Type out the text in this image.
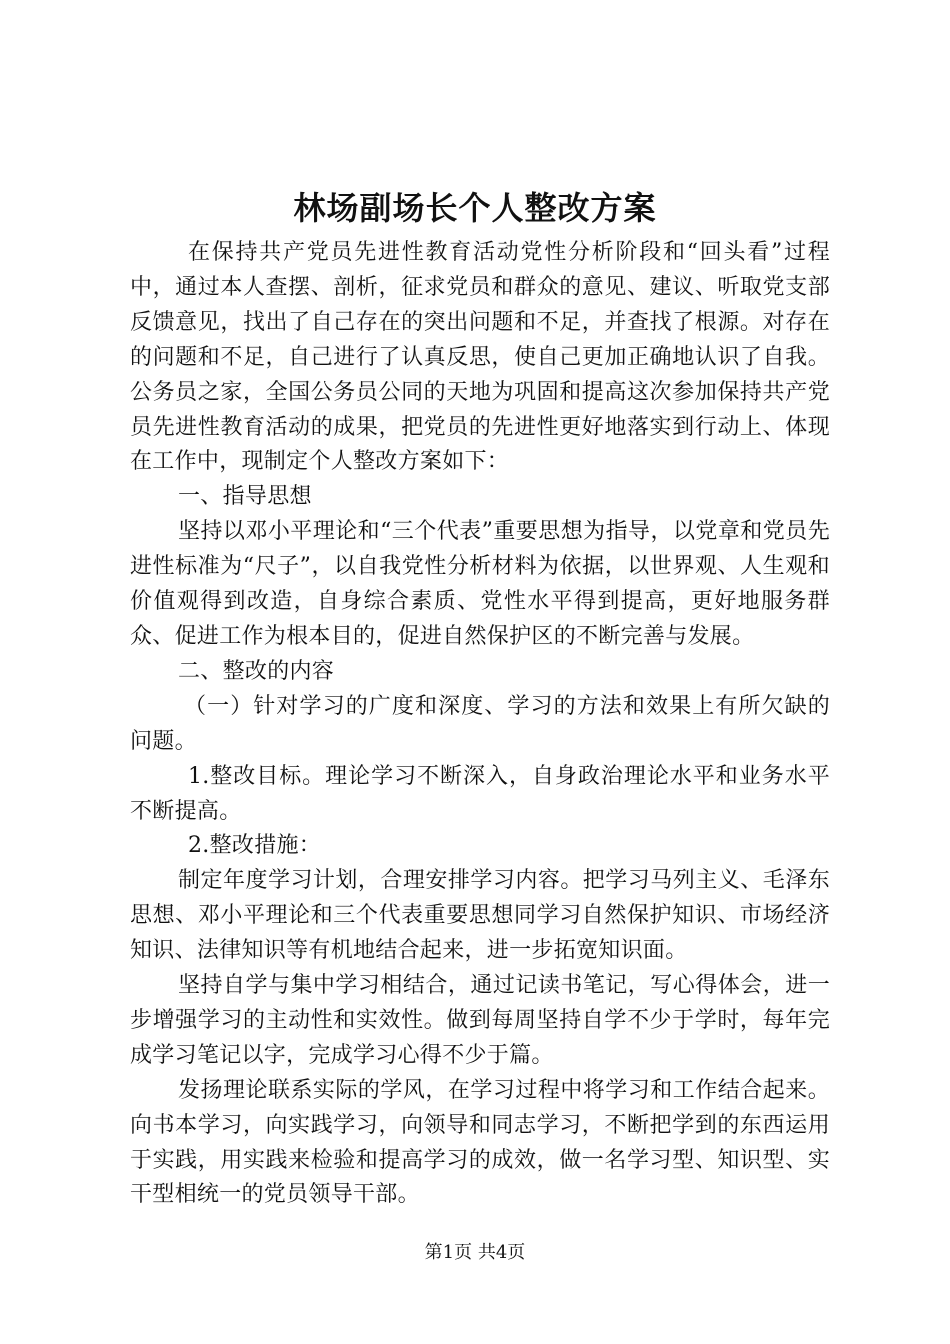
林场副场长个人整改方案

在保持共产党员先进性教育活动党性分析阶段和“回头看”过程中，通过本人查摆、剖析，征求党员和群众的意见、建议、听取党支部反馈意见，找出了自己存在的突出问题和不足，并查找了根源。对存在的问题和不足，自己进行了认真反思，使自己更加正确地认识了自我。公务员之家，全国公务员公同的天地为巩固和提高这次参加保持共产党员先进性教育活动的成果，把党员的先进性更好地落实到行动上、体现在工作中，现制定个人整改方案如下：

一、指导思想

坚持以邓小平理论和“三个代表”重要思想为指导，以党章和党员先进性标准为“尺子”，以自我党性分析材料为依据，以世界观、人生观和价值观得到改造，自身综合素质、党性水平得到提高，更好地服务群众、促进工作为根本目的，促进自然保护区的不断完善与发展。

二、整改的内容

（一）针对学习的广度和深度、学习的方法和效果上有所欠缺的问题。

1.整改目标。理论学习不断深入，自身政治理论水平和业务水平不断提高。

2.整改措施：

制定年度学习计划，合理安排学习内容。把学习马列主义、毛泽东思想、邓小平理论和三个代表重要思想同学习自然保护知识、市场经济知识、法律知识等有机地结合起来，进一步拓宽知识面。

坚持自学与集中学习相结合，通过记读书笔记，写心得体会，进一步增强学习的主动性和实效性。做到每周坚持自学不少于学时，每年完成学习笔记以字，完成学习心得不少于篇。

发扬理论联系实际的学风，在学习过程中将学习和工作结合起来。向书本学习，向实践学习，向领导和同志学习，不断把学到的东西运用于实践，用实践来检验和提高学习的成效，做一名学习型、知识型、实干型相统一的党员领导干部。

第1页 共4页
